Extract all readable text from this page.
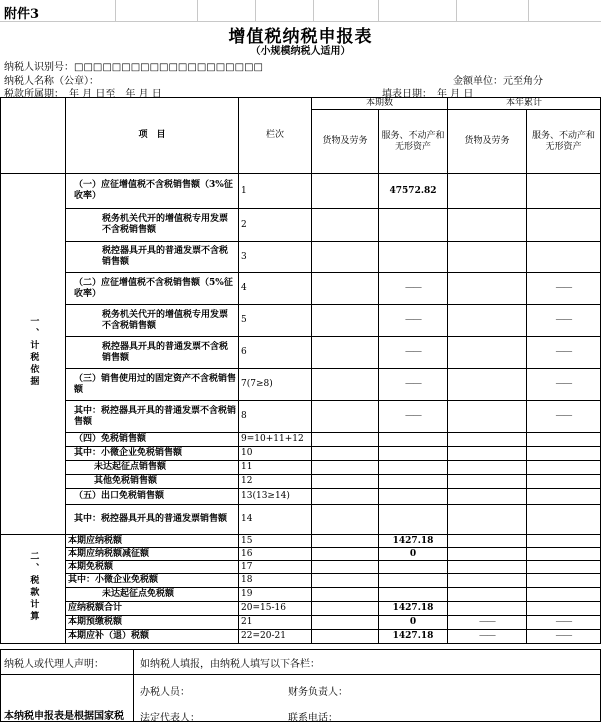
附件3
增值税纳税申报表
（小规模纳税人适用）
纳税人识别号：□□□□□□□□□□□□□□□□□□□□
纳税人名称（公章）：	金额单位：元至角分
税款所属期：　年 月 日至　年 月 日	填表日期：　年 月 日
	项　目	栏次	本期数		本年累计	
			货物及劳务	服务、不动产和无形资产	货物及劳务	服务、不动产和无形资产
一、计税依据	（一）应征增值税不含税销售额（3%征收率）	1		47572.82		
	税务机关代开的增值税专用发票不含税销售额	2				
	税控器具开具的普通发票不含税销售额	3				
	（二）应征增值税不含税销售额（5%征收率）	4		——		——
	税务机关代开的增值税专用发票不含税销售额	5		——		——
	税控器具开具的普通发票不含税销售额	6		——		——
	（三）销售使用过的固定资产不含税销售额	7(7≥8)		——		——
	其中：税控器具开具的普通发票不含税销售额	8		——		——
	（四）免税销售额	9=10+11+12				
	其中：小微企业免税销售额	10				
	未达起征点销售额	11				
	其他免税销售额	12				
	（五）出口免税销售额	13(13≥14)				
	其中：税控器具开具的普通发票销售额	14				
二、税款计算	本期应纳税额	15		1427.18		
	本期应纳税额减征额	16		0		
	本期免税额	17				
	其中：小微企业免税额	18				
	未达起征点免税额	19				
	应纳税额合计	20=15-16		1427.18		
	本期预缴税额	21		0	——	——
	本期应补（退）税额	22=20-21		1427.18	——	——
纳税人或代理人声明：	如纳税人填报，由纳税人填写以下各栏：
办税人员：	财务负责人：
本纳税申报表是根据国家税 法定代表人：	联系电话：
